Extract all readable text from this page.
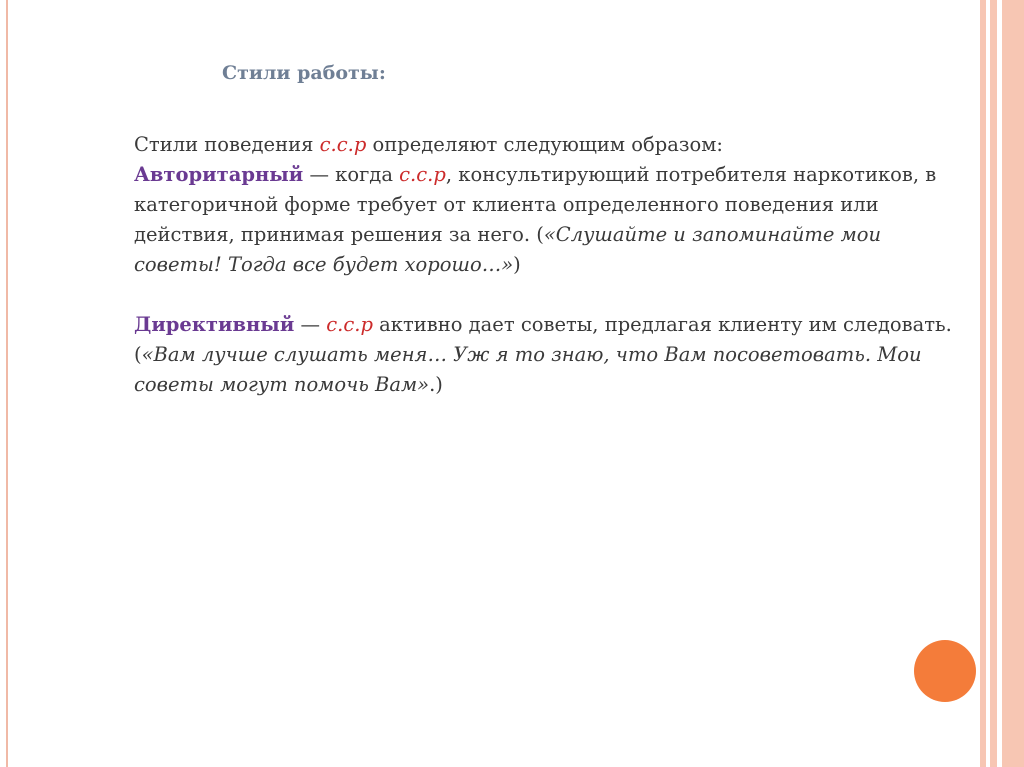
Стили работы:

Стили поведения с.с.р определяют следующим образом:

Авторитарный — когда с.с.р, консультирующий потребителя наркотиков, в категоричной форме требует от клиента определенного поведения или действия, принимая решения за него. («Слушайте и запоминайте мои советы! Тогда все будет хорошо…»)

Директивный — с.с.р активно дает советы, предлагая клиенту им следовать. («Вам лучше слушать меня… Уж я то знаю, что Вам посоветовать. Мои советы могут помочь Вам».)
